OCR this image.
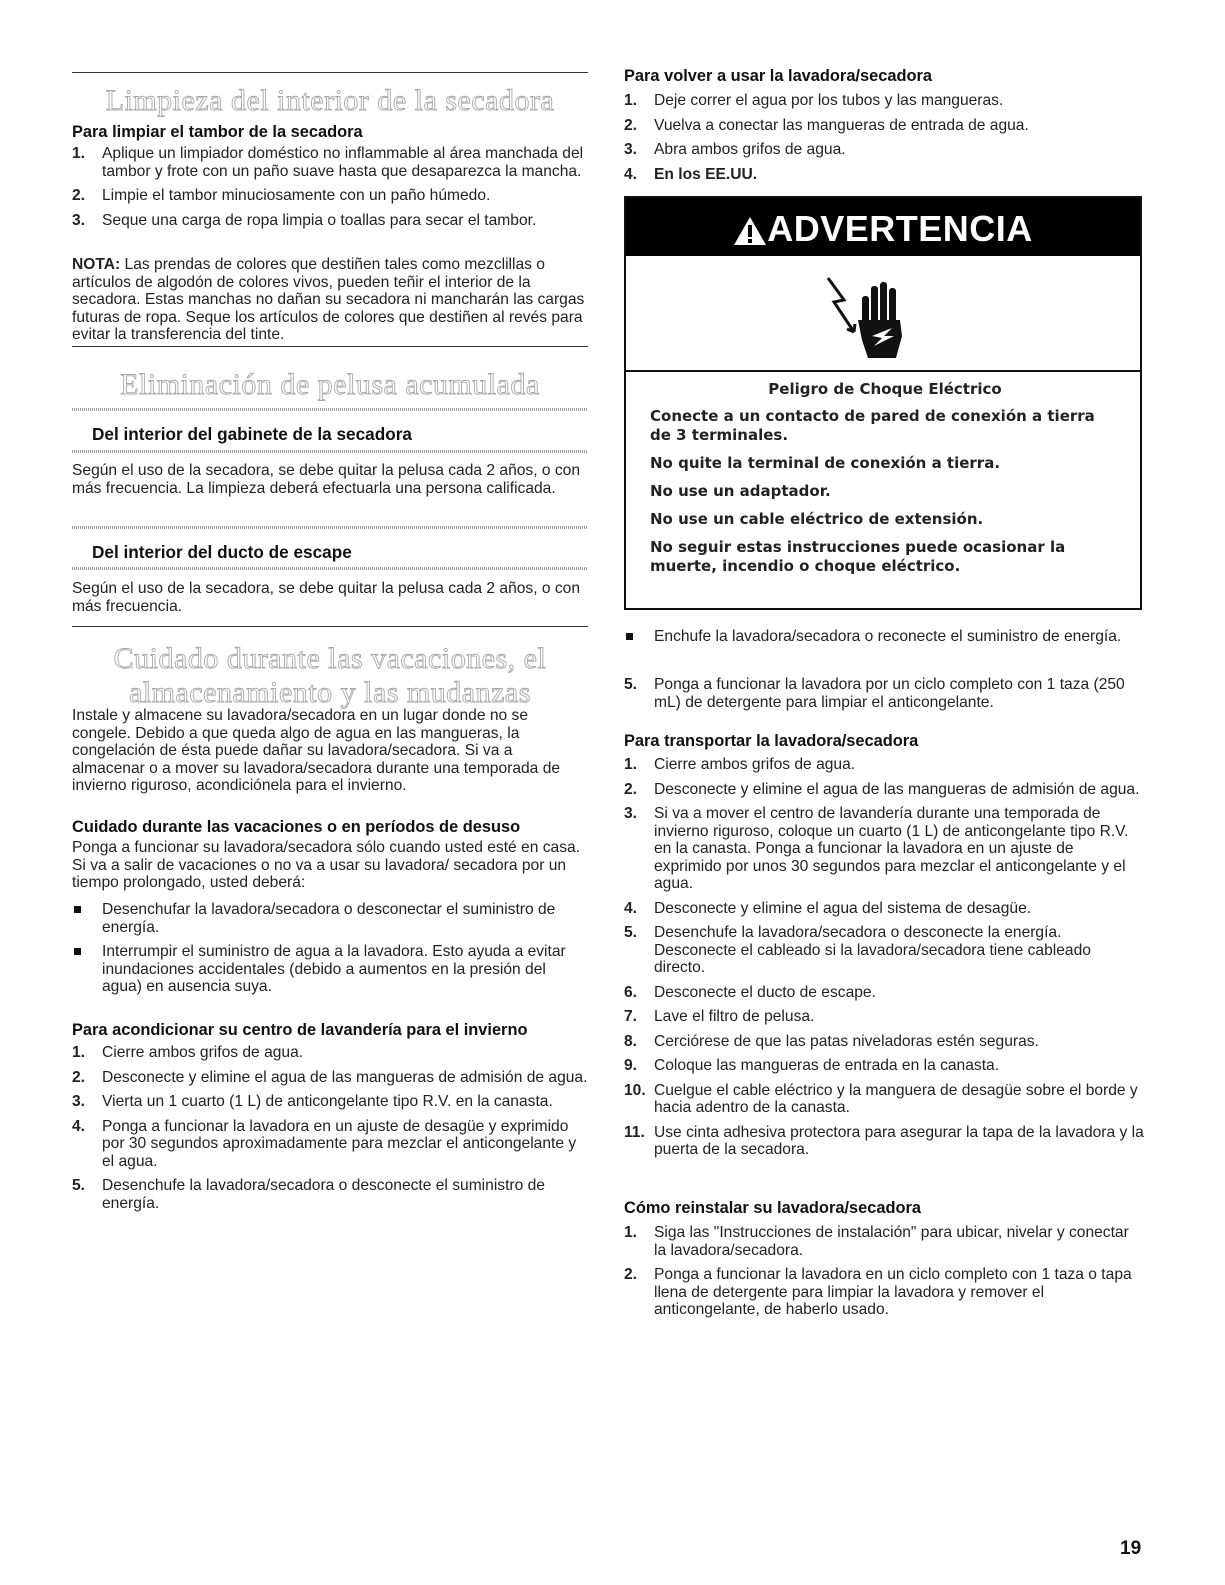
Limpieza del interior de la secadora
Para limpiar el tambor de la secadora
1. Aplique un limpiador doméstico no inflammable al área manchada del tambor y frote con un paño suave hasta que desaparezca la mancha.
2. Limpie el tambor minuciosamente con un paño húmedo.
3. Seque una carga de ropa limpia o toallas para secar el tambor.

NOTA: Las prendas de colores que destiñen tales como mezclillas o artículos de algodón de colores vivos, pueden teñir el interior de la secadora. Estas manchas no dañan su secadora ni mancharán las cargas futuras de ropa. Seque los artículos de colores que destiñen al revés para evitar la transferencia del tinte.

Eliminación de pelusa acumulada
Del interior del gabinete de la secadora

Según el uso de la secadora, se debe quitar la pelusa cada 2 años, o con más frecuencia. La limpieza deberá efectuarla una persona calificada.

Del interior del ducto de escape

Según el uso de la secadora, se debe quitar la pelusa cada 2 años, o con más frecuencia.

Cuidado durante las vacaciones, el
almacenamiento y las mudanzas

Instale y almacene su lavadora/secadora en un lugar donde no se congele. Debido a que queda algo de agua en las mangueras, la congelación de ésta puede dañar su lavadora/secadora. Si va a almacenar o a mover su lavadora/secadora durante una temporada de invierno riguroso, acondiciónela para el invierno.

Cuidado durante las vacaciones o en períodos de desuso

Ponga a funcionar su lavadora/secadora sólo cuando usted esté en casa. Si va a salir de vacaciones o no va a usar su lavadora/ secadora por un tiempo prolongado, usted deberá:

Desenchufar la lavadora/secadora o desconectar el suministro de energía.
Interrumpir el suministro de agua a la lavadora. Esto ayuda a evitar inundaciones accidentales (debido a aumentos en la presión del agua) en ausencia suya.
Para acondicionar su centro de lavandería para el invierno
1. Cierre ambos grifos de agua.
2. Desconecte y elimine el agua de las mangueras de admisión de agua.
3. Vierta un 1 cuarto (1 L) de anticongelante tipo R.V. en la canasta.
4. Ponga a funcionar la lavadora en un ajuste de desagüe y exprimido por 30 segundos aproximadamente para mezclar el anticongelante y el agua.
5. Desenchufe la lavadora/secadora o desconecte el suministro de energía.
Para volver a usar la lavadora/secadora
1. Deje correr el agua por los tubos y las mangueras.
2. Vuelva a conectar las mangueras de entrada de agua.
3. Abra ambos grifos de agua.
4. En los EE.UU.
ADVERTENCIA
Peligro de Choque Eléctrico
Conecte a un contacto de pared de conexión a tierra de 3 terminales.
No quite la terminal de conexión a tierra.
No use un adaptador.
No use un cable eléctrico de extensión.
No seguir estas instrucciones puede ocasionar la muerte, incendio o choque eléctrico.
Enchufe la lavadora/secadora o reconecte el suministro de energía.
5. Ponga a funcionar la lavadora por un ciclo completo con 1 taza (250 mL) de detergente para limpiar el anticongelante.
Para transportar la lavadora/secadora
1. Cierre ambos grifos de agua.
2. Desconecte y elimine el agua de las mangueras de admisión de agua.
3. Si va a mover el centro de lavandería durante una temporada de invierno riguroso, coloque un cuarto (1 L) de anticongelante tipo R.V. en la canasta. Ponga a funcionar la lavadora en un ajuste de exprimido por unos 30 segundos para mezclar el anticongelante y el agua.
4. Desconecte y elimine el agua del sistema de desagüe.
5. Desenchufe la lavadora/secadora o desconecte la energía. Desconecte el cableado si la lavadora/secadora tiene cableado directo.
6. Desconecte el ducto de escape.
7. Lave el filtro de pelusa.
8. Cerciórese de que las patas niveladoras estén seguras.
9. Coloque las mangueras de entrada en la canasta.
10. Cuelgue el cable eléctrico y la manguera de desagüe sobre el borde y hacia adentro de la canasta.
11. Use cinta adhesiva protectora para asegurar la tapa de la lavadora y la puerta de la secadora.
Cómo reinstalar su lavadora/secadora
1. Siga las "Instrucciones de instalación" para ubicar, nivelar y conectar la lavadora/secadora.
2. Ponga a funcionar la lavadora en un ciclo completo con 1 taza o tapa llena de detergente para limpiar la lavadora y remover el anticongelante, de haberlo usado.
19
